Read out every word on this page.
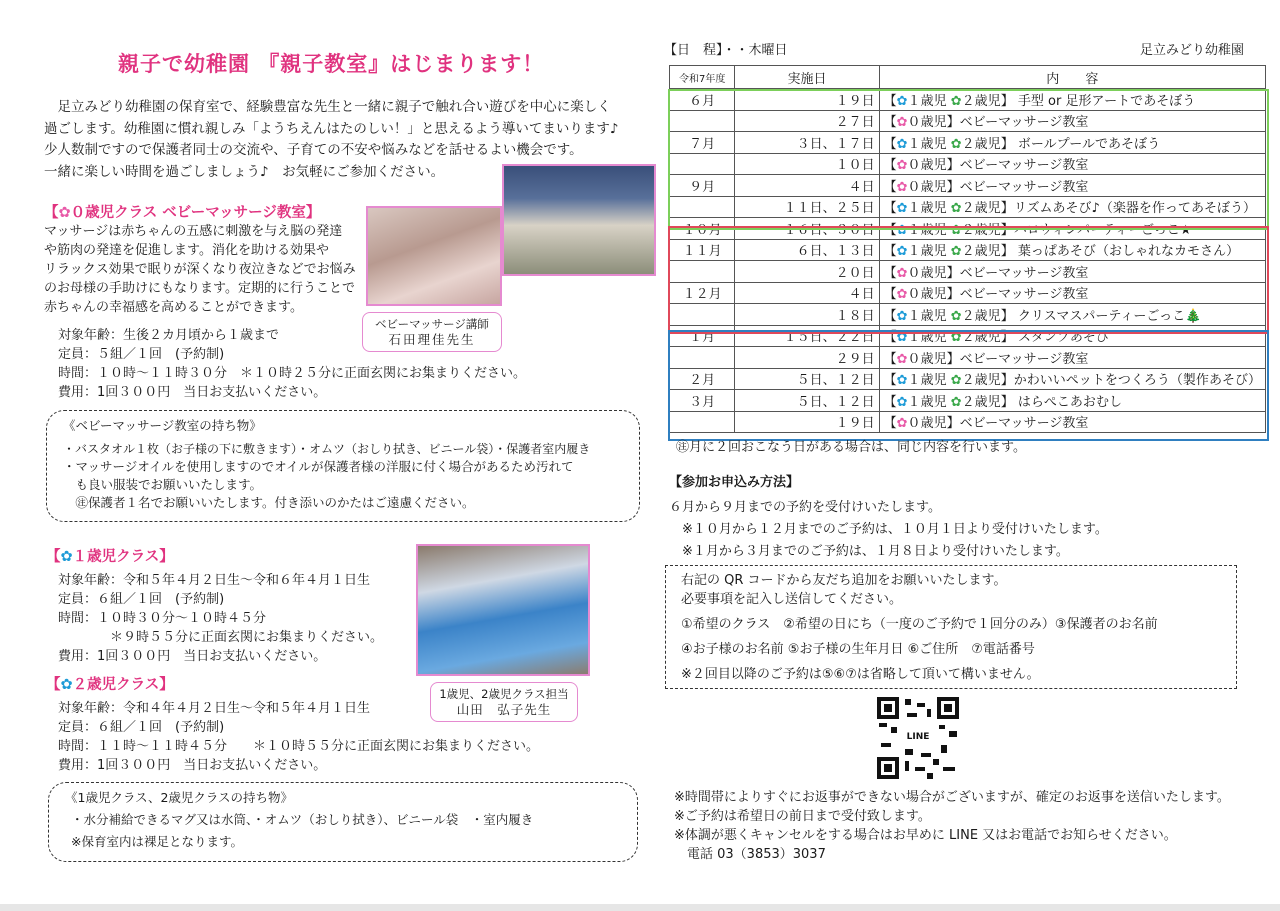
親子で幼稚園 『親子教室』はじまります！
　足立みどり幼稚園の保育室で、経験豊富な先生と一緒に親子で触れ合い遊びを中心に楽しく
過ごします。幼稚園に慣れ親しみ「ようちえんはたのしい！」と思えるよう導いてまいります♪
少人数制ですので保護者同士の交流や、子育ての不安や悩みなどを話せるよい機会です。
一緒に楽しい時間を過ごしましょう♪　お気軽にご参加ください。
ベビーマッサージ講師
石田理佳先生
【✿０歳児クラス ベビーマッサージ教室】
マッサージは赤ちゃんの五感に刺激を与え脳の発達
や筋肉の発達を促進します。消化を助ける効果や
リラックス効果で眠りが深くなり夜泣きなどでお悩み
のお母様の手助けにもなります。定期的に行うことで
赤ちゃんの幸福感を高めることができます。
対象年齢：生後２カ月頃から１歳まで
定員：５組／１回　(予約制)
時間：１０時～１１時３０分　＊１０時２５分に正面玄関にお集まりください。
費用：1回３００円　当日お支払いください。
《ベビーマッサージ教室の持ち物》
・バスタオル１枚（お子様の下に敷きます）・オムツ（おしり拭き、ビニール袋）・保護者室内履き
・マッサージオイルを使用しますのでオイルが保護者様の洋服に付く場合があるため汚れて
　も良い服装でお願いいたします。
　㊟保護者１名でお願いいたします。付き添いのかたはご遠慮ください。
【✿１歳児クラス】
対象年齢：令和５年４月２日生～令和６年４月１日生
定員：６組／１回　(予約制)
時間：１０時３０分～１０時４５分
　　　　＊９時５５分に正面玄関にお集まりください。
費用：1回３００円　当日お支払いください。
1歳児、2歳児クラス担当
山田　弘子先生
【✿２歳児クラス】
対象年齢：令和４年４月２日生～令和５年４月１日生
定員：６組／１回　(予約制)
時間：１１時～１１時４５分　　＊１０時５５分に正面玄関にお集まりください。
費用：1回３００円　当日お支払いください。
《1歳児クラス、2歳児クラスの持ち物》
・水分補給できるマグ又は水筒、・オムツ（おしり拭き）、ビニール袋　・室内履き
※保育室内は裸足となります。
【日　程】・・木曜日	足立みどり幼稚園
令和7年度	実施日	内　　 容
６月	１９日	【✿１歳児 ✿２歳児】 手型 or 足形アートであそぼう
	２７日	【✿０歳児】ベビーマッサージ教室
７月	３日、１７日	【✿１歳児 ✿２歳児】 ボールプールであそぼう
	１０日	【✿０歳児】ベビーマッサージ教室
９月	４日	【✿０歳児】ベビーマッサージ教室
	１１日、２５日	【✿１歳児 ✿２歳児】リズムあそび♪（楽器を作ってあそぼう）
１０月	１６日、３０日	【✿１歳児 ✿２歳児】ハロウィンパーティーごっこ★
１１月	６日、１３日	【✿１歳児 ✿２歳児】 葉っぱあそび（おしゃれなカモさん）
	２０日	【✿０歳児】ベビーマッサージ教室
１２月	４日	【✿０歳児】ベビーマッサージ教室
	１８日	【✿１歳児 ✿２歳児】 クリスマスパーティーごっこ🎄
１月	１５日、２２日	【✿１歳児 ✿２歳児】 スタンプあそび
	２９日	【✿０歳児】ベビーマッサージ教室
２月	５日、１２日	【✿１歳児 ✿２歳児】かわいいペットをつくろう（製作あそび）
３月	５日、１２日	【✿１歳児 ✿２歳児】 はらぺこあおむし
	１９日	【✿０歳児】ベビーマッサージ教室
㊟月に２回おこなう日がある場合は、同じ内容を行います。
【参加お申込み方法】
６月から９月までの予約を受付けいたします。
　※１０月から１２月までのご予約は、１０月１日より受付けいたします。
　※１月から３月までのご予約は、１月８日より受付けいたします。
右記の QR コードから友だち追加をお願いいたします。
必要事項を記入し送信してください。
①希望のクラス　②希望の日にち（一度のご予約で１回分のみ）③保護者のお名前
④お子様のお名前 ⑤お子様の生年月日 ⑥ご住所　⑦電話番号
※２回目以降のご予約は⑤⑥⑦は省略して頂いて構いません。
LINE
※時間帯によりすぐにお返事ができない場合がございますが、確定のお返事を送信いたします。
※ご予約は希望日の前日まで受付致します。
※体調が悪くキャンセルをする場合はお早めに LINE 又はお電話でお知らせください。
　電話 03（3853）3037
